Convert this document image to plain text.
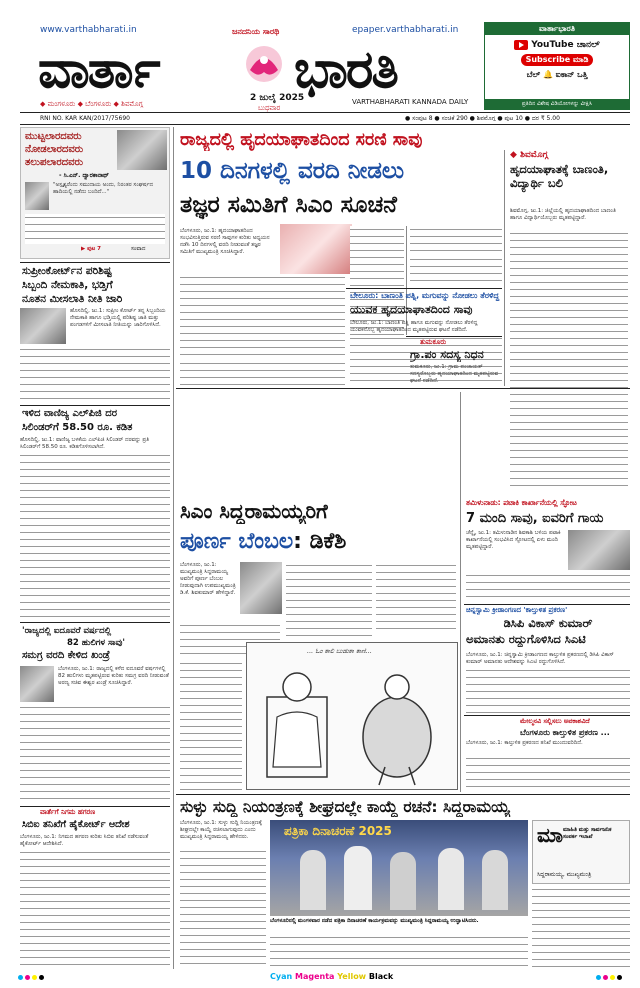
www.varthabharati.in	ಜನದನಿಯ ಸಾರಥಿ	epaper.varthabharati.in
ವಾರ್ತಾ	ಭಾರತಿ
◆ ಮಂಗಳೂರು ◆ ಬೆಂಗಳೂರು ◆ ಶಿವಮೊಗ್ಗ
2 ಜುಲೈ 2025
ಬುಧವಾರ
VARTHABHARATI KANNADA DAILY
ವಾರ್ತಾಭಾರತಿ
YouTube ಚಾನಲ್
Subscribe ಮಾಡಿ
ಬೆಲ್ 🔔 ಐಕಾನ್ ಒತ್ತಿ
ಪ್ರತಿದಿನ ವಿಶೇಷ ವಿಡಿಯೋಗಳನ್ನು ವೀಕ್ಷಿಸಿ
RNI NO. KAR KAN/2017/75690	● ಸಂಪುಟ 8 ● ಸಂಚಿಕೆ 290 ● ಶಿವಮೊಗ್ಗ ● ಪುಟ 10 ● ದರ ₹ 5.00
ಮುಟ್ಟಲಾರದವರು ನೋಡಲಾರದವರು ತಲುಪಲಾರದವರು
- ಸಿ.ಎನ್. ದ್ವಾರಕಾನಾಥ್
"ಅಸ್ಪೃಶ್ಯರೆಂದು ಸಮುದಾಯ ಅಂದು, ನಿರಂತರ ಸಂಘರ್ಷದ ಹಾದಿಯಲ್ಲಿ ನಡೆದು ಬಂದಿದೆ..."
▶ ಪುಟ 7	ಸಂವಾದ
ಸುಪ್ರೀಂಕೋರ್ಟ್‌ನ ಪರಿಶಿಷ್ಟ
ಸಿಬ್ಬಂದಿ ನೇಮಕಾತಿ, ಭಡ್ತಿಗೆ
ನೂತನ ಮೀಸಲಾತಿ ನೀತಿ ಜಾರಿ
ಹೊಸದಿಲ್ಲಿ, ಜು.1: ಸುಪ್ರೀಂ ಕೋರ್ಟ್ ತನ್ನ ಸಿಬ್ಬಂದಿಯ ನೇಮಕಾತಿ ಹಾಗೂ ಭಡ್ತಿಯಲ್ಲಿ ಪರಿಶಿಷ್ಟ ಜಾತಿ ಮತ್ತು ಪಂಗಡಗಳಿಗೆ ಮೀಸಲಾತಿ ನೀತಿಯನ್ನು ಜಾರಿಗೊಳಿಸಿದೆ.
ಇಳಿದ ವಾಣಿಜ್ಯ ಎಲ್‌ಪಿಜಿ ದರ
ಸಿಲಿಂಡರ್‌ಗೆ 58.50 ರೂ. ಕಡಿತ
ಹೊಸದಿಲ್ಲಿ, ಜು.1: ವಾಣಿಜ್ಯ ಬಳಕೆಯ ಎಲ್‌ಪಿಜಿ ಸಿಲಿಂಡರ್ ದರವನ್ನು ಪ್ರತಿ ಸಿಲಿಂಡರ್‌ಗೆ 58.50 ರೂ. ಕಡಿತಗೊಳಿಸಲಾಗಿದೆ.
'ರಾಜ್ಯದಲ್ಲಿ ಐದೂವರೆ ವರ್ಷದಲ್ಲಿ
82 ಹುಲಿಗಳ ಸಾವು'
ಸಮಗ್ರ ವರದಿ ಕೇಳಿದ ಖಂಡ್ರೆ
ಬೆಂಗಳೂರು, ಜು.1: ರಾಜ್ಯದಲ್ಲಿ ಕಳೆದ ಐದೂವರೆ ವರ್ಷಗಳಲ್ಲಿ 82 ಹುಲಿಗಳು ಮೃತಪಟ್ಟಿರುವ ಕುರಿತು ಸಮಗ್ರ ವರದಿ ನೀಡುವಂತೆ ಅರಣ್ಯ ಸಚಿವ ಈಶ್ವರ ಖಂಡ್ರೆ ಸೂಚಿಸಿದ್ದಾರೆ.
ವಾರ್ತೆಗೆ ನಿಗಮ ಹಗರಣ
ಸಿಬಿಐ ತನಿಖೆಗೆ ಹೈಕೋರ್ಟ್ ಆದೇಶ
ಬೆಂಗಳೂರು, ಜು.1: ನಿಗಮದ ಹಗರಣ ಕುರಿತು ಸಿಬಿಐ ತನಿಖೆ ನಡೆಸುವಂತೆ ಹೈಕೋರ್ಟ್ ಆದೇಶಿಸಿದೆ.
ರಾಜ್ಯದಲ್ಲಿ ಹೃದಯಾಘಾತದಿಂದ ಸರಣಿ ಸಾವು
10 ದಿನಗಳಲ್ಲಿ ವರದಿ ನೀಡಲು
ತಜ್ಞರ ಸಮಿತಿಗೆ ಸಿಎಂ ಸೂಚನೆ
ಬೆಂಗಳೂರು, ಜು.1: ಹೃದಯಾಘಾತದಿಂದ ಸಂಭವಿಸುತ್ತಿರುವ ಸರಣಿ ಸಾವುಗಳ ಕುರಿತು ಅಧ್ಯಯನ ನಡೆಸಿ 10 ದಿನಗಳಲ್ಲಿ ವರದಿ ನೀಡುವಂತೆ ತಜ್ಞರ ಸಮಿತಿಗೆ ಮುಖ್ಯಮಂತ್ರಿ ಸೂಚಿಸಿದ್ದಾರೆ.
ಬೇಲೂರು: ಬಾಣಂತಿ ಪತ್ನಿ, ಮಗುವನ್ನು ನೋಡಲು ತೆರಳಿದ್ದ
ಯುವಕ ಹೃದಯಾಘಾತದಿಂದ ಸಾವು
ಬೇಲೂರು, ಜು.1: ಬಾಣಂತಿ ಪತ್ನಿ ಹಾಗೂ ಮಗುವನ್ನು ನೋಡಲು ತೆರಳಿದ್ದ ಯುವಕನೊಬ್ಬ ಹೃದಯಾಘಾತದಿಂದ ಮೃತಪಟ್ಟಿರುವ ಘಟನೆ ನಡೆದಿದೆ.
ತುಮಕೂರು
ಗ್ರಾ.ಪಂ ಸದಸ್ಯ ನಿಧನ
ತುಮಕೂರು, ಜು.1: ಗ್ರಾಮ ಪಂಚಾಯತ್ ಸದಸ್ಯರೊಬ್ಬರು ಹೃದಯಾಘಾತದಿಂದ ಮೃತಪಟ್ಟಿರುವ ಘಟನೆ ನಡೆದಿದೆ.
◆ ಶಿವಮೊಗ್ಗ
ಹೃದಯಾಘಾತಕ್ಕೆ ಬಾಣಂತಿ, ವಿದ್ಯಾರ್ಥಿ ಬಲಿ
ಶಿವಮೊಗ್ಗ, ಜು.1: ಜಿಲ್ಲೆಯಲ್ಲಿ ಹೃದಯಾಘಾತದಿಂದ ಬಾಣಂತಿ ಹಾಗೂ ವಿದ್ಯಾರ್ಥಿಯೊಬ್ಬರು ಮೃತಪಟ್ಟಿದ್ದಾರೆ.
ಸಿಎಂ ಸಿದ್ದರಾಮಯ್ಯರಿಗೆ
ಪೂರ್ಣ ಬೆಂಬಲ: ಡಿಕೆಶಿ
ಬೆಂಗಳೂರು, ಜು.1: ಮುಖ್ಯಮಂತ್ರಿ ಸಿದ್ದರಾಮಯ್ಯ ಅವರಿಗೆ ಪೂರ್ಣ ಬೆಂಬಲ ನೀಡುವುದಾಗಿ ಉಪಮುಖ್ಯಮಂತ್ರಿ ಡಿ.ಕೆ. ಶಿವಕುಮಾರ್ ಹೇಳಿದ್ದಾರೆ.
... ಓಂ ಕಾಲಿ ಬುಡುಕಾ ಕಾಣಿ...
ತಮಿಳುನಾಡು: ಪಟಾಕಿ ಕಾರ್ಖಾನೆಯಲ್ಲಿ ಸ್ಫೋಟ
7 ಮಂದಿ ಸಾವು, ಐವರಿಗೆ ಗಾಯ
ಚೆನ್ನೈ, ಜು.1: ತಮಿಳುನಾಡಿನ ಶಿವಕಾಶಿ ಬಳಿಯ ಪಟಾಕಿ ಕಾರ್ಖಾನೆಯಲ್ಲಿ ಸಂಭವಿಸಿದ ಸ್ಫೋಟದಲ್ಲಿ ಏಳು ಮಂದಿ ಮೃತಪಟ್ಟಿದ್ದಾರೆ.
ಚಿನ್ನಸ್ವಾಮಿ ಕ್ರೀಡಾಂಗಣದ 'ಕಾಲ್ತುಳಿತ ಪ್ರಕರಣ'
ಡಿಸಿಪಿ ವಿಕಾಸ್ ಕುಮಾರ್
ಅಮಾನತು ರದ್ದುಗೊಳಿಸಿದ ಸಿಎಟಿ
ಬೆಂಗಳೂರು, ಜು.1: ಚಿನ್ನಸ್ವಾಮಿ ಕ್ರೀಡಾಂಗಣದ ಕಾಲ್ತುಳಿತ ಪ್ರಕರಣದಲ್ಲಿ ಡಿಸಿಪಿ ವಿಕಾಸ್ ಕುಮಾರ್ ಅಮಾನತು ಆದೇಶವನ್ನು ಸಿಎಟಿ ರದ್ದುಗೊಳಿಸಿದೆ.
ಮೇಲ್ಮನವಿ ಸಲ್ಲಿಸಲು ಅವಕಾಶವಿದೆ
ಬೆಂಗಳೂರು ಕಾಲ್ತುಳಿತ ಪ್ರಕರಣ ...
ಬೆಂಗಳೂರು, ಜು.1: ಕಾಲ್ತುಳಿತ ಪ್ರಕರಣದ ತನಿಖೆ ಮುಂದುವರಿದಿದೆ.
ಸುಳ್ಳು ಸುದ್ದಿ ನಿಯಂತ್ರಣಕ್ಕೆ ಶೀಘ್ರದಲ್ಲೇ ಕಾಯ್ದೆ ರಚನೆ: ಸಿದ್ದರಾಮಯ್ಯ
ಬೆಂಗಳೂರು, ಜು.1: ಸುಳ್ಳು ಸುದ್ದಿ ನಿಯಂತ್ರಣಕ್ಕೆ ಶೀಘ್ರದಲ್ಲೇ ಕಾಯ್ದೆ ರಚಿಸಲಾಗುವುದು ಎಂದು ಮುಖ್ಯಮಂತ್ರಿ ಸಿದ್ದರಾಮಯ್ಯ ಹೇಳಿದರು.	ಪತ್ರಿಕಾ ದಿನಾಚರಣೆ 2025
ಬೆಂಗಳೂರಿನಲ್ಲಿ ಮಂಗಳವಾರ ನಡೆದ ಪತ್ರಿಕಾ ದಿನಾಚರಣೆ ಕಾರ್ಯಕ್ರಮವನ್ನು ಮುಖ್ಯಮಂತ್ರಿ ಸಿದ್ದರಾಮಯ್ಯ ಉದ್ಘಾಟಿಸಿದರು.
ಮಾ ಮಾಹಿತಿ ಮತ್ತು ಸಾರ್ವಜನಿಕ ಸಂಪರ್ಕ ಇಲಾಖೆ
ಸಿದ್ದರಾಮಯ್ಯ, ಮುಖ್ಯಮಂತ್ರಿ
Cyan Magenta Yellow Black
